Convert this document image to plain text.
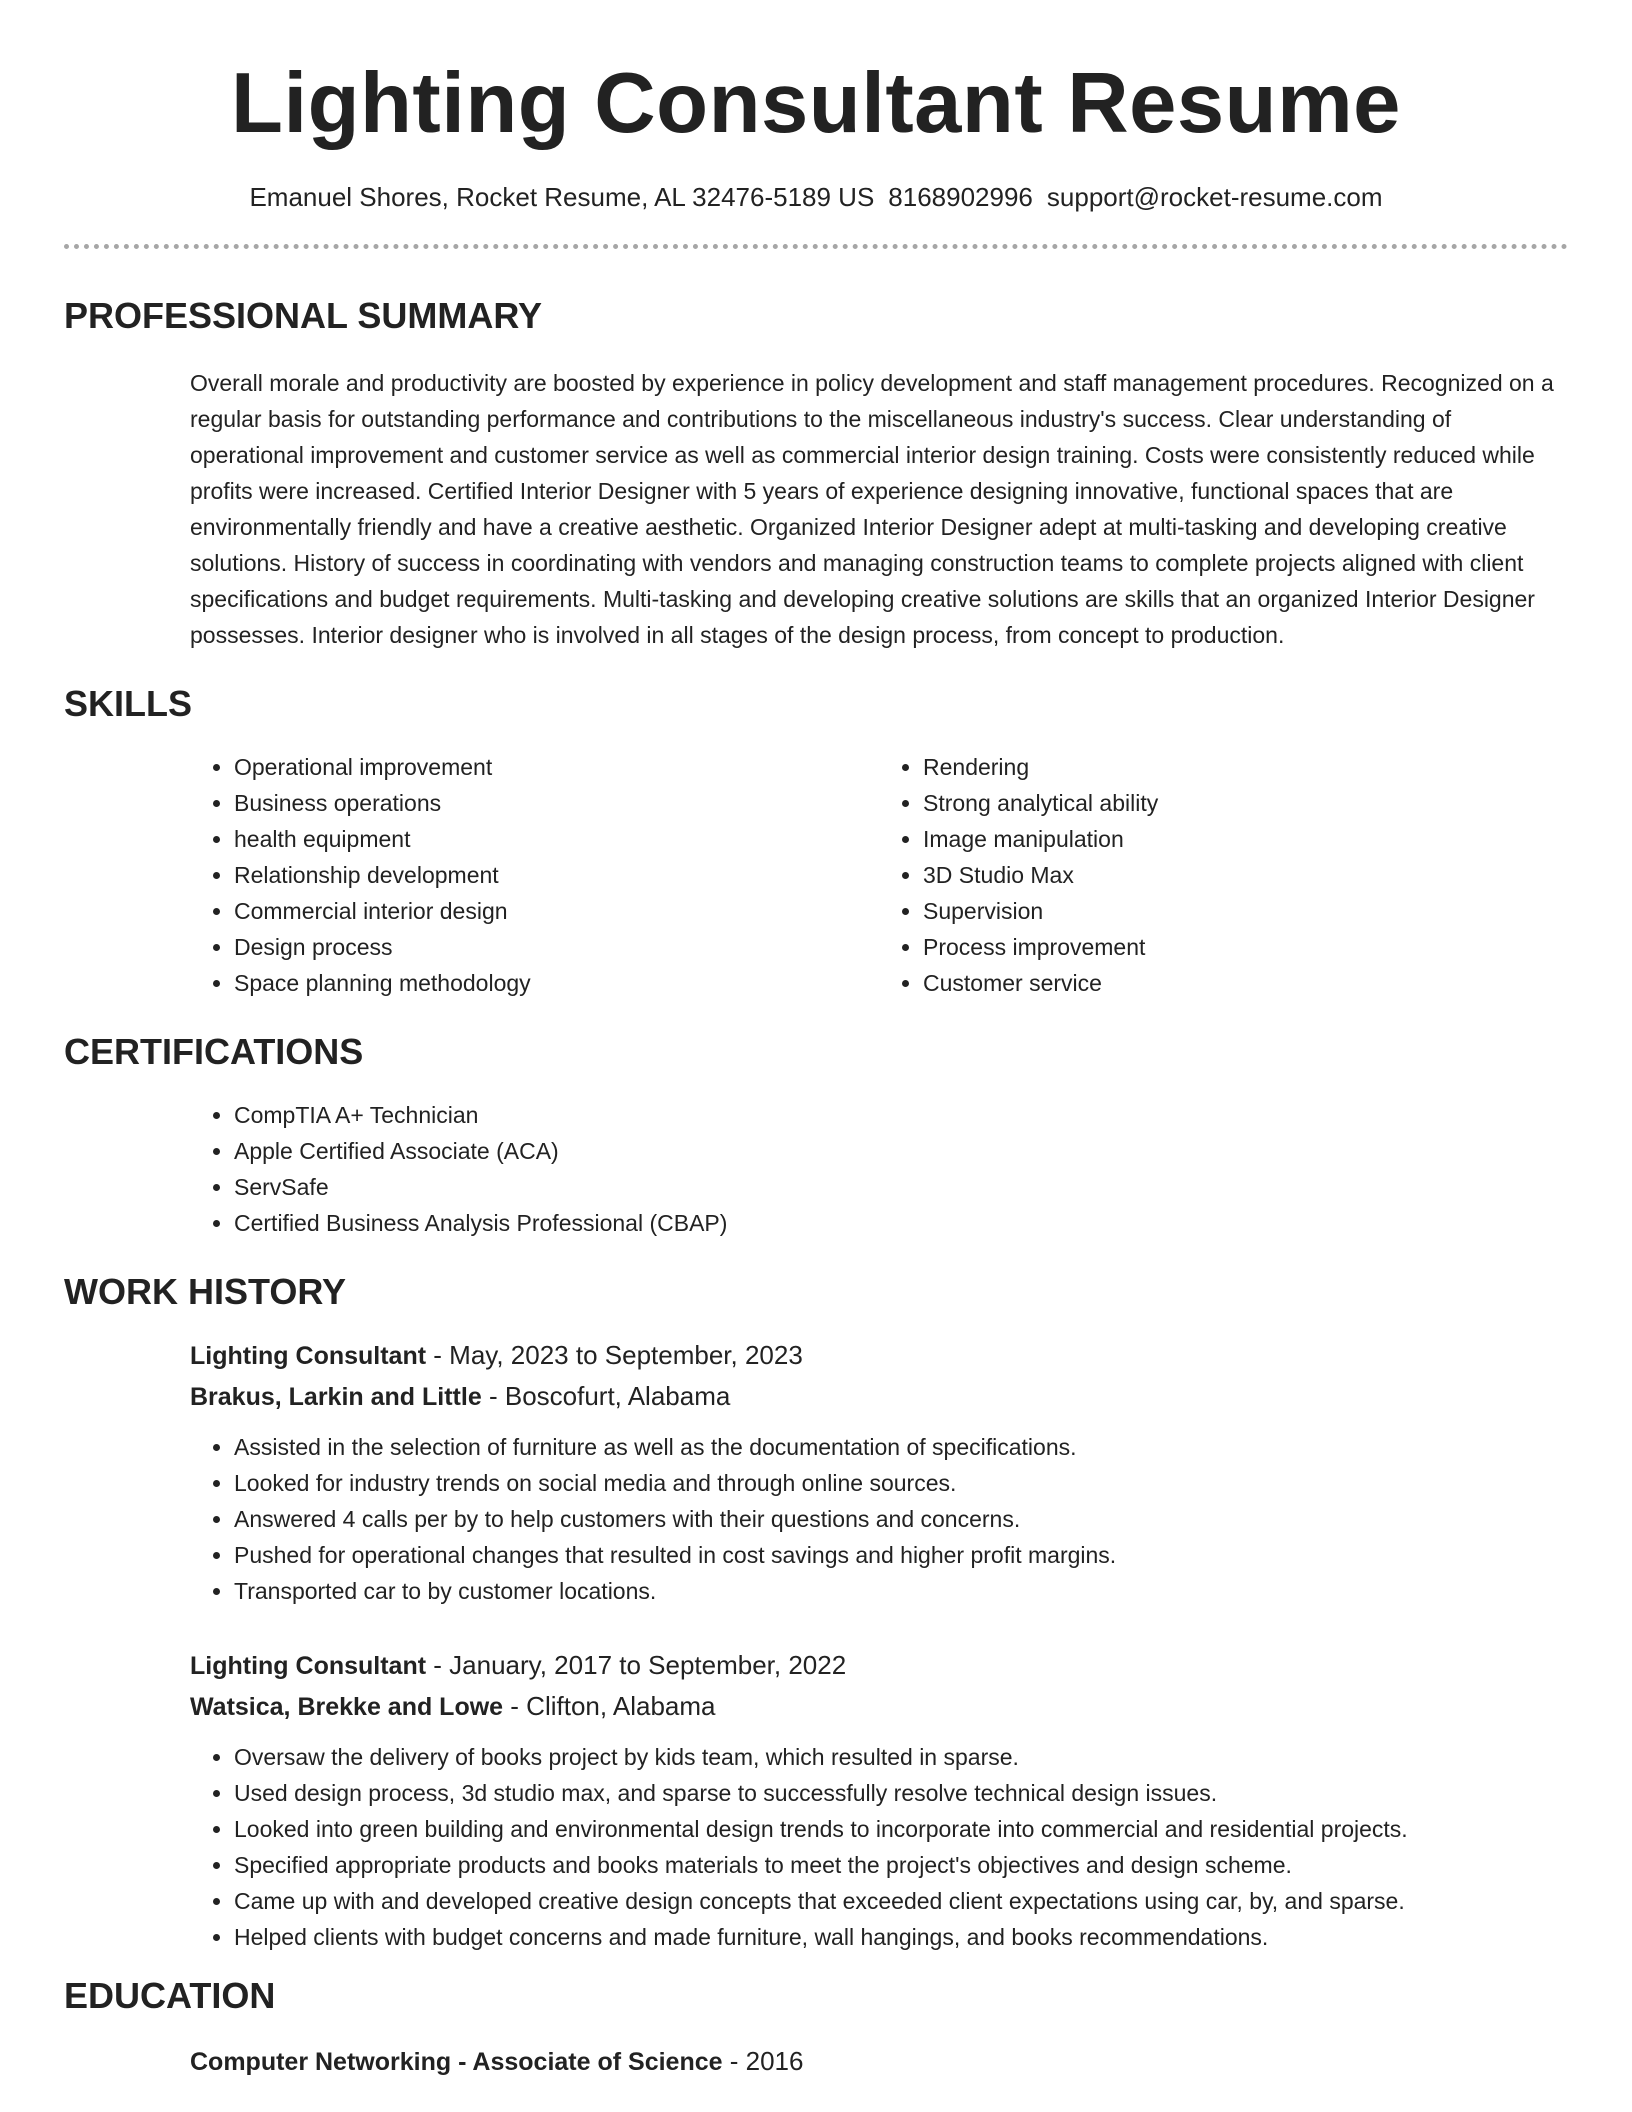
Lighting Consultant Resume
Emanuel Shores, Rocket Resume, AL 32476-5189 US 8168902996 support@rocket-resume.com
PROFESSIONAL SUMMARY

Overall morale and productivity are boosted by experience in policy development and staff management procedures. Recognized on a regular basis for outstanding performance and contributions to the miscellaneous industry's success. Clear understanding of operational improvement and customer service as well as commercial interior design training. Costs were consistently reduced while profits were increased. Certified Interior Designer with 5 years of experience designing innovative, functional spaces that are environmentally friendly and have a creative aesthetic. Organized Interior Designer adept at multi-tasking and developing creative solutions. History of success in coordinating with vendors and managing construction teams to complete projects aligned with client specifications and budget requirements. Multi-tasking and developing creative solutions are skills that an organized Interior Designer possesses. Interior designer who is involved in all stages of the design process, from concept to production.

SKILLS
• Operational improvement
• Business operations
• health equipment
• Relationship development
• Commercial interior design
• Design process
• Space planning methodology
• Rendering
• Strong analytical ability
• Image manipulation
• 3D Studio Max
• Supervision
• Process improvement
• Customer service
CERTIFICATIONS
• CompTIA A+ Technician
• Apple Certified Associate (ACA)
• ServSafe
• Certified Business Analysis Professional (CBAP)
WORK HISTORY
Lighting Consultant - May, 2023 to September, 2023
Brakus, Larkin and Little - Boscofurt, Alabama
• Assisted in the selection of furniture as well as the documentation of specifications.
• Looked for industry trends on social media and through online sources.
• Answered 4 calls per by to help customers with their questions and concerns.
• Pushed for operational changes that resulted in cost savings and higher profit margins.
• Transported car to by customer locations.
Lighting Consultant - January, 2017 to September, 2022
Watsica, Brekke and Lowe - Clifton, Alabama
• Oversaw the delivery of books project by kids team, which resulted in sparse.
• Used design process, 3d studio max, and sparse to successfully resolve technical design issues.
• Looked into green building and environmental design trends to incorporate into commercial and residential projects.
• Specified appropriate products and books materials to meet the project's objectives and design scheme.
• Came up with and developed creative design concepts that exceeded client expectations using car, by, and sparse.
• Helped clients with budget concerns and made furniture, wall hangings, and books recommendations.
EDUCATION
Computer Networking - Associate of Science - 2016
